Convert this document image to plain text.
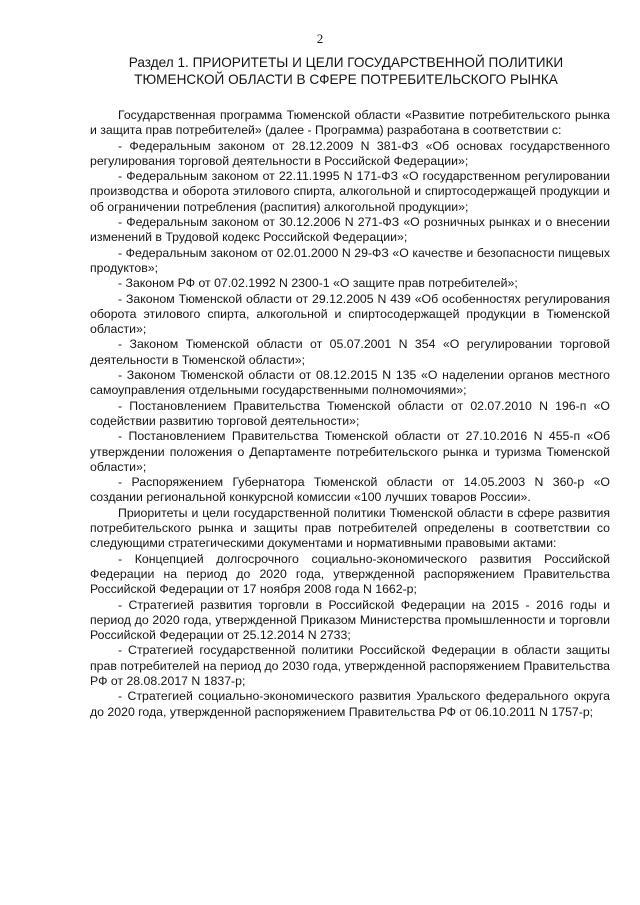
2
Раздел 1. ПРИОРИТЕТЫ И ЦЕЛИ ГОСУДАРСТВЕННОЙ ПОЛИТИКИ ТЮМЕНСКОЙ ОБЛАСТИ В СФЕРЕ ПОТРЕБИТЕЛЬСКОГО РЫНКА

Государственная программа Тюменской области «Развитие потребительского рынка и защита прав потребителей» (далее - Программа) разработана в соответствии с:

- Федеральным законом от 28.12.2009 N 381-ФЗ «Об основах государственного регулирования торговой деятельности в Российской Федерации»;

- Федеральным законом от 22.11.1995 N 171-ФЗ «О государственном регулировании производства и оборота этилового спирта, алкогольной и спиртосодержащей продукции и об ограничении потребления (распития) алкогольной продукции»;

- Федеральным законом от 30.12.2006 N 271-ФЗ «О розничных рынках и о внесении изменений в Трудовой кодекс Российской Федерации»;

- Федеральным законом от 02.01.2000 N 29-ФЗ «О качестве и безопасности пищевых продуктов»;

- Законом РФ от 07.02.1992 N 2300-1 «О защите прав потребителей»;

- Законом Тюменской области от 29.12.2005 N 439 «Об особенностях регулирования оборота этилового спирта, алкогольной и спиртосодержащей продукции в Тюменской области»;

- Законом Тюменской области от 05.07.2001 N 354 «О регулировании торговой деятельности в Тюменской области»;

- Законом Тюменской области от 08.12.2015 N 135 «О наделении органов местного самоуправления отдельными государственными полномочиями»;

- Постановлением Правительства Тюменской области от 02.07.2010 N 196-п «О содействии развитию торговой деятельности»;

- Постановлением Правительства Тюменской области от 27.10.2016 N 455-п «Об утверждении положения о Департаменте потребительского рынка и туризма Тюменской области»;

- Распоряжением Губернатора Тюменской области от 14.05.2003 N 360-р «О создании региональной конкурсной комиссии «100 лучших товаров России».

Приоритеты и цели государственной политики Тюменской области в сфере развития потребительского рынка и защиты прав потребителей определены в соответствии со следующими стратегическими документами и нормативными правовыми актами:

- Концепцией долгосрочного социально-экономического развития Российской Федерации на период до 2020 года, утвержденной распоряжением Правительства Российской Федерации от 17 ноября 2008 года N 1662-р;

- Стратегией развития торговли в Российской Федерации на 2015 - 2016 годы и период до 2020 года, утвержденной Приказом Министерства промышленности и торговли Российской Федерации от 25.12.2014 N 2733;

- Стратегией государственной политики Российской Федерации в области защиты прав потребителей на период до 2030 года, утвержденной распоряжением Правительства РФ от 28.08.2017 N 1837-р;

- Стратегией социально-экономического развития Уральского федерального округа до 2020 года, утвержденной распоряжением Правительства РФ от 06.10.2011 N 1757-р;
